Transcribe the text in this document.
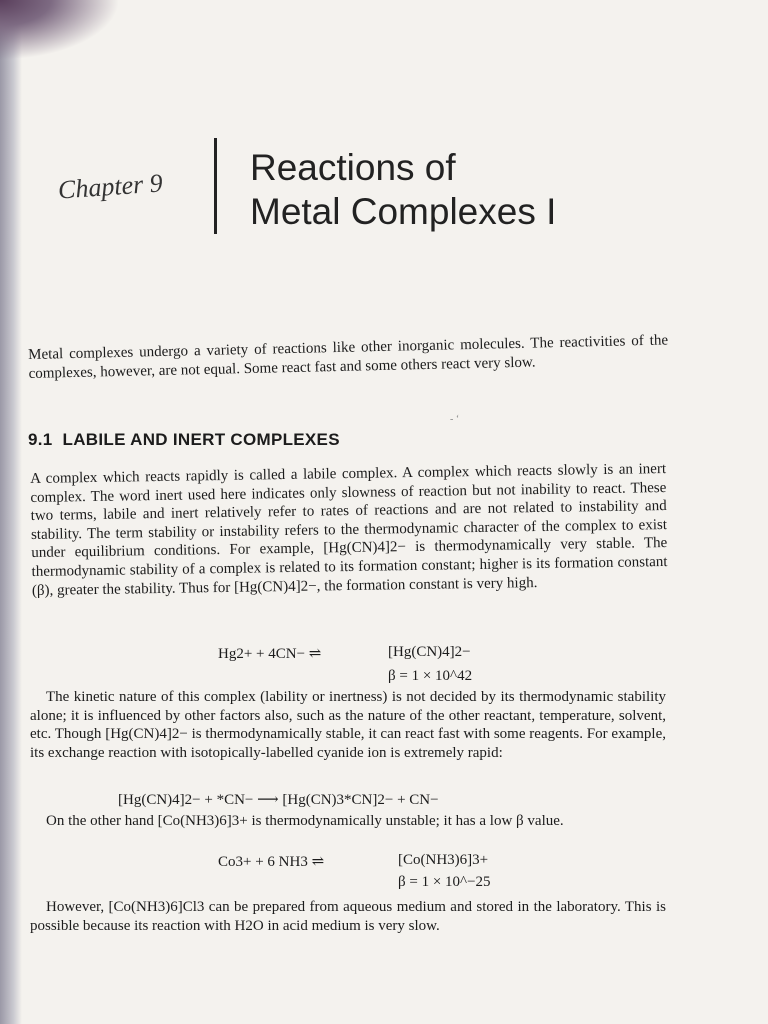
Chapter 9 Reactions of
Metal Complexes I

Metal complexes undergo a variety of reactions like other inorganic molecules. The reactivities of the complexes, however, are not equal. Some react fast and some others react very slow.

- ‘
9.1 LABILE AND INERT COMPLEXES

A complex which reacts rapidly is called a labile complex. A complex which reacts slowly is an inert complex. The word inert used here indicates only slowness of reaction but not inability to react. These two terms, labile and inert relatively refer to rates of reactions and are not related to instability and stability. The term stability or instability refers to the thermodynamic character of the complex to exist under equilibrium conditions. For example, [Hg(CN)4]2− is thermodynamically very stable. The thermodynamic stability of a complex is related to its formation constant; higher is its formation constant (β), greater the stability. Thus for [Hg(CN)4]2−, the formation constant is very high.

Hg2+ + 4CN− ⇌	[Hg(CN)4]2−
β = 1 × 10^42

The kinetic nature of this complex (lability or inertness) is not decided by its thermodynamic stability alone; it is influenced by other factors also, such as the nature of the other reactant, temperature, solvent, etc. Though [Hg(CN)4]2− is thermodynamically stable, it can react fast with some reagents. For example, its exchange reaction with isotopically-labelled cyanide ion is extremely rapid:

[Hg(CN)4]2− + *CN− ⟶ [Hg(CN)3*CN]2− + CN−

On the other hand [Co(NH3)6]3+ is thermodynamically unstable; it has a low β value.

Co3+ + 6 NH3 ⇌	[Co(NH3)6]3+
β = 1 × 10^−25

However, [Co(NH3)6]Cl3 can be prepared from aqueous medium and stored in the laboratory. This is possible because its reaction with H2O in acid medium is very slow.
